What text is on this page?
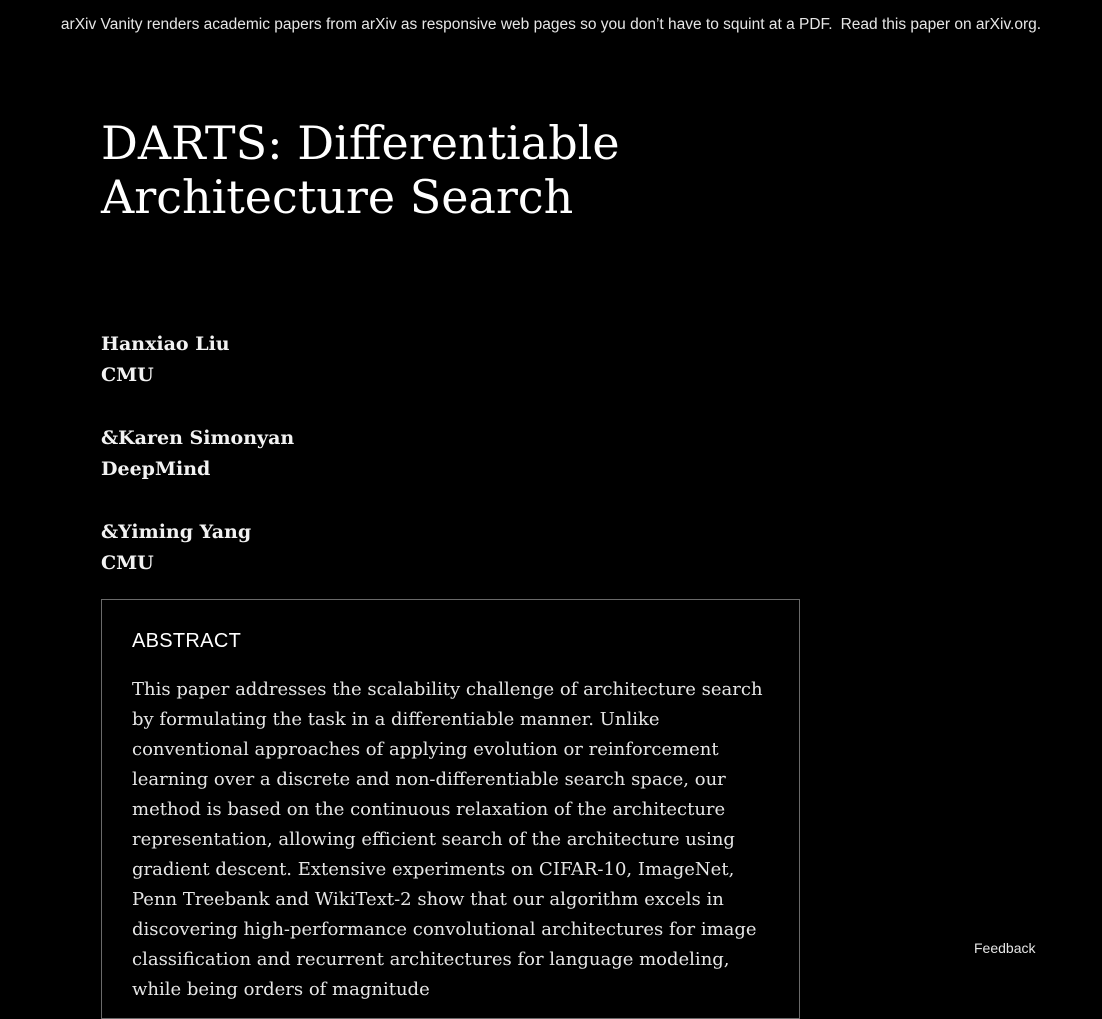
arXiv Vanity renders academic papers from arXiv as responsive web pages so you don’t have to squint at a PDF. Read this paper on arXiv.org.
DARTS: Differentiable Architecture Search
Hanxiao Liu
CMU
&Karen Simonyan
DeepMind
&Yiming Yang
CMU
ABSTRACT

This paper addresses the scalability challenge of architecture search by formulating the task in a differentiable manner. Unlike conventional approaches of applying evolution or reinforcement learning over a discrete and non-differentiable search space, our method is based on the continuous relaxation of the architecture representation, allowing efficient search of the architecture using gradient descent. Extensive experiments on CIFAR-10, ImageNet, Penn Treebank and WikiText-2 show that our algorithm excels in discovering high-performance convolutional architectures for image classification and recurrent architectures for language modeling, while being orders of magnitude

Feedback
